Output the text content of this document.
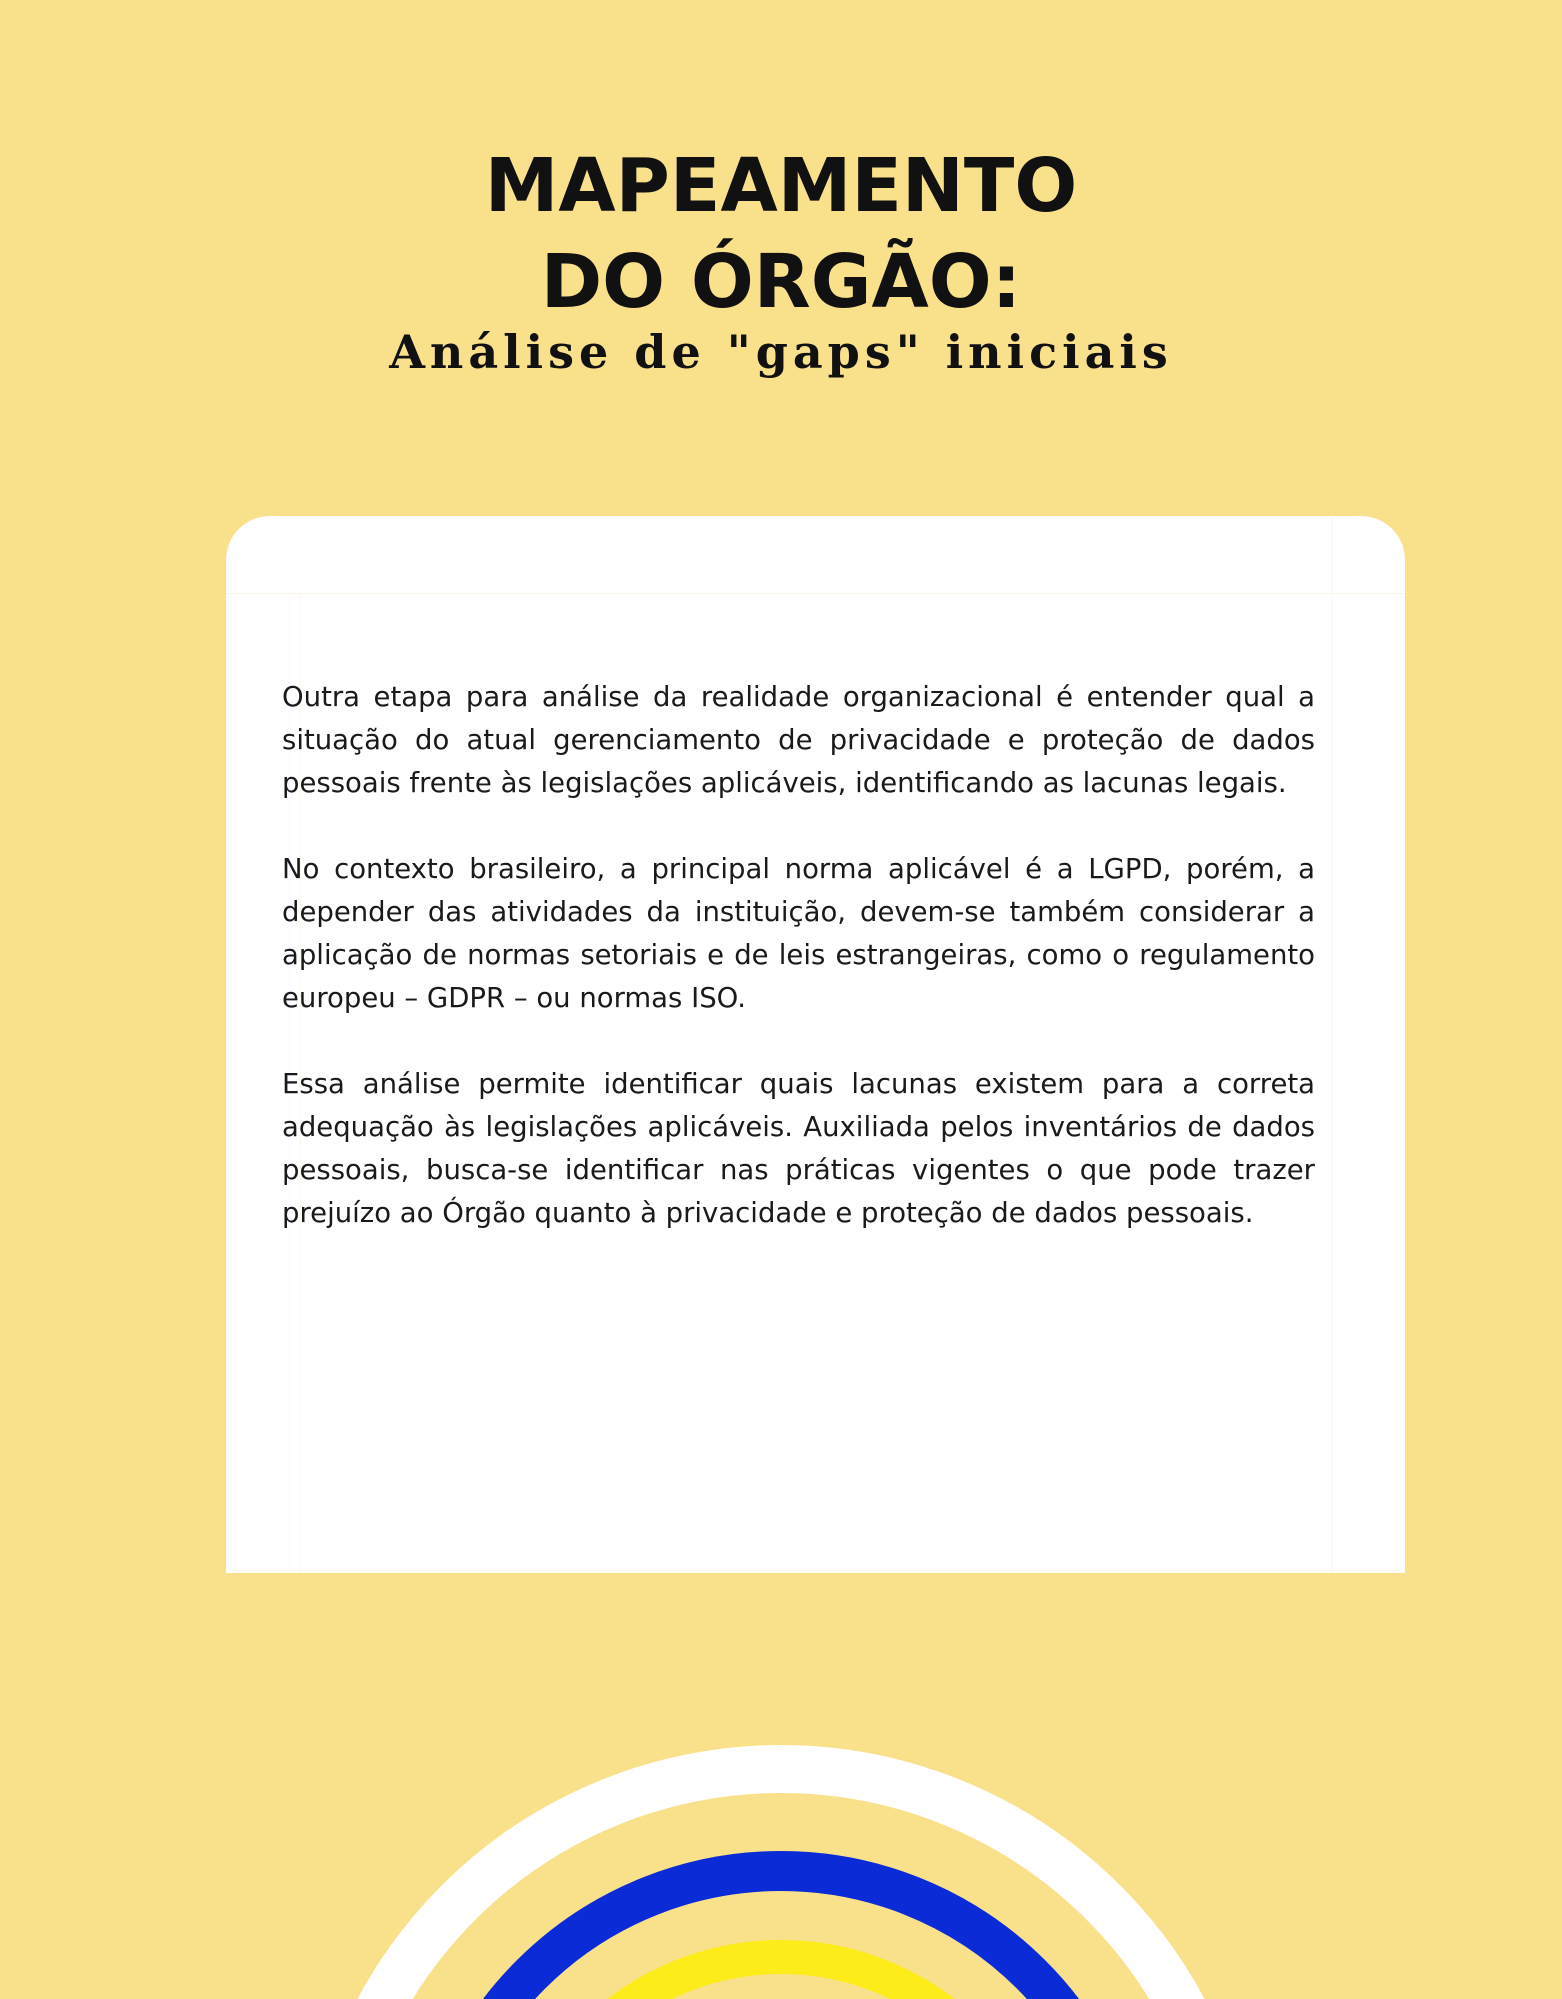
MAPEAMENTO
DO ÓRGÃO:
Análise de "gaps" iniciais

Outra etapa para análise da realidade organizacional é entender qual a situação do atual gerenciamento de privacidade e proteção de dados pessoais frente às legislações aplicáveis, identificando as lacunas legais.

No contexto brasileiro, a principal norma aplicável é a LGPD, porém, a depender das atividades da instituição, devem-se também considerar a aplicação de normas setoriais e de leis estrangeiras, como o regulamento europeu – GDPR – ou normas ISO.

Essa análise permite identificar quais lacunas existem para a correta adequação às legislações aplicáveis. Auxiliada pelos inventários de dados pessoais, busca-se identificar nas práticas vigentes o que pode trazer prejuízo ao Órgão quanto à privacidade e proteção de dados pessoais.
